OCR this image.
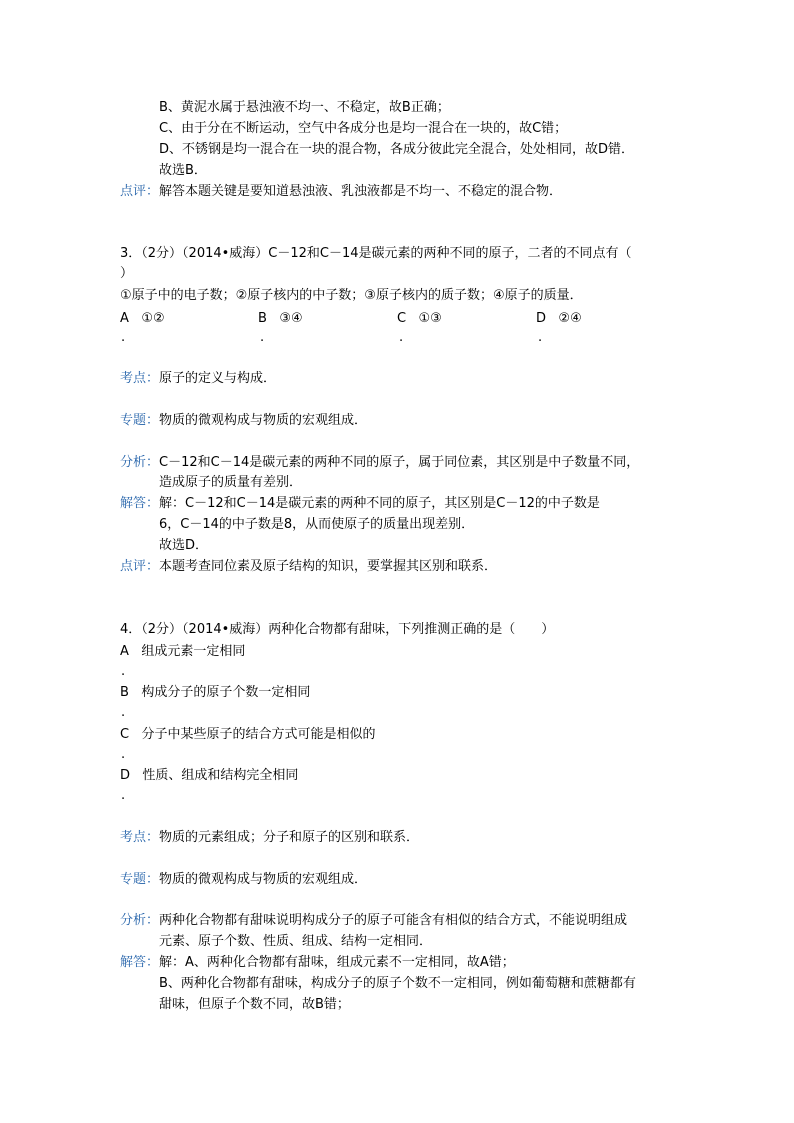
B、黄泥水属于悬浊液不均一、不稳定，故B正确；
C、由于分在不断运动，空气中各成分也是均一混合在一块的，故C错；
D、不锈钢是均一混合在一块的混合物，各成分彼此完全混合，处处相同，故D错．
故选B．
点评：解答本题关键是要知道悬浊液、乳浊液都是不均一、不稳定的混合物．
3．（2分）（2014•威海）C－12和C－14是碳元素的两种不同的原子，二者的不同点有（
）
①原子中的电子数；②原子核内的中子数；③原子核内的质子数；④原子的质量．
A ①②	B ③④	C ①③	D ②④
.	.	.	.
考点：原子的定义与构成．
专题：物质的微观构成与物质的宏观组成．
分析：C－12和C－14是碳元素的两种不同的原子，属于同位素，其区别是中子数量不同，
造成原子的质量有差别．
解答：解：C－12和C－14是碳元素的两种不同的原子，其区别是C－12的中子数是
6，C－14的中子数是8，从而使原子的质量出现差别．
故选D．
点评：本题考查同位素及原子结构的知识，要掌握其区别和联系．
4．（2分）（2014•威海）两种化合物都有甜味，下列推测正确的是（　　）
A 组成元素一定相同
.
B 构成分子的原子个数一定相同
.
C 分子中某些原子的结合方式可能是相似的
.
D 性质、组成和结构完全相同
.
考点：物质的元素组成；分子和原子的区别和联系．
专题：物质的微观构成与物质的宏观组成．
分析：两种化合物都有甜味说明构成分子的原子可能含有相似的结合方式，不能说明组成
元素、原子个数、性质、组成、结构一定相同．
解答：解：A、两种化合物都有甜味，组成元素不一定相同，故A错；
B、两种化合物都有甜味，构成分子的原子个数不一定相同，例如葡萄糖和蔗糖都有
甜味，但原子个数不同，故B错；
